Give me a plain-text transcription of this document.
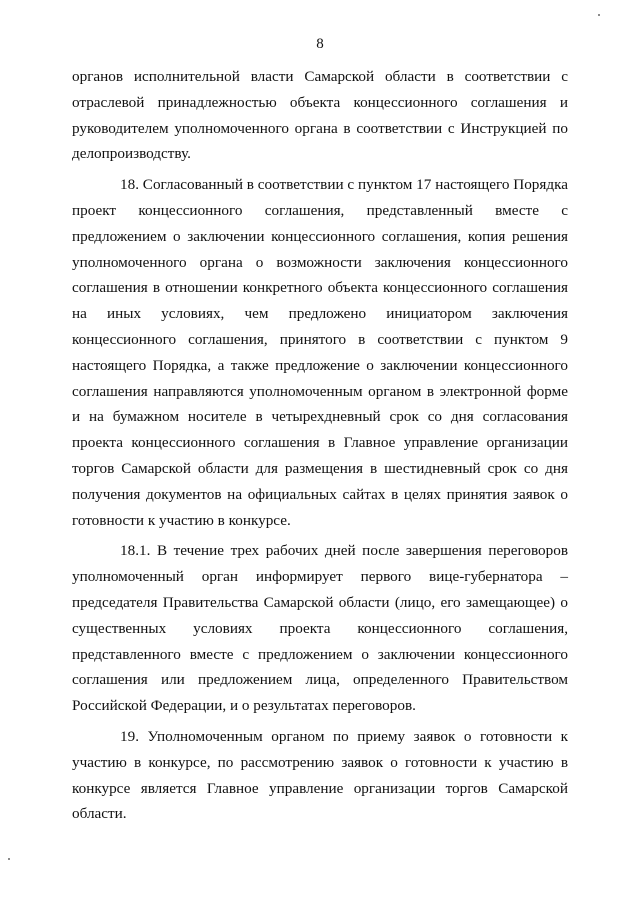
8

органов исполнительной власти Самарской области в соответствии с
отраслевой принадлежностью объекта концессионного соглашения и
руководителем уполномоченного органа в соответствии с Инструкцией по
делопроизводству.

18. Согласованный в соответствии с пунктом 17 настоящего Порядка
проект концессионного соглашения, представленный вместе с
предложением о заключении концессионного соглашения, копия решения
уполномоченного органа о возможности заключения концессионного
соглашения в отношении конкретного объекта концессионного соглашения
на иных условиях, чем предложено инициатором заключения
концессионного соглашения, принятого в соответствии с пунктом 9
настоящего Порядка, а также предложение о заключении концессионного
соглашения направляются уполномоченным органом в электронной форме
и на бумажном носителе в четырехдневный срок со дня согласования
проекта концессионного соглашения в Главное управление организации
торгов Самарской области для размещения в шестидневный срок со дня
получения документов на официальных сайтах в целях принятия заявок о
готовности к участию в конкурсе.

18.1. В течение трех рабочих дней после завершения переговоров
уполномоченный орган информирует первого вице-губернатора –
председателя Правительства Самарской области (лицо, его замещающее) о
существенных условиях проекта концессионного соглашения,
представленного вместе с предложением о заключении концессионного
соглашения или предложением лица, определенного Правительством
Российской Федерации, и о результатах переговоров.

19. Уполномоченным органом по приему заявок о готовности к
участию в конкурсе, по рассмотрению заявок о готовности к участию в
конкурсе является Главное управление организации торгов Самарской
области.
